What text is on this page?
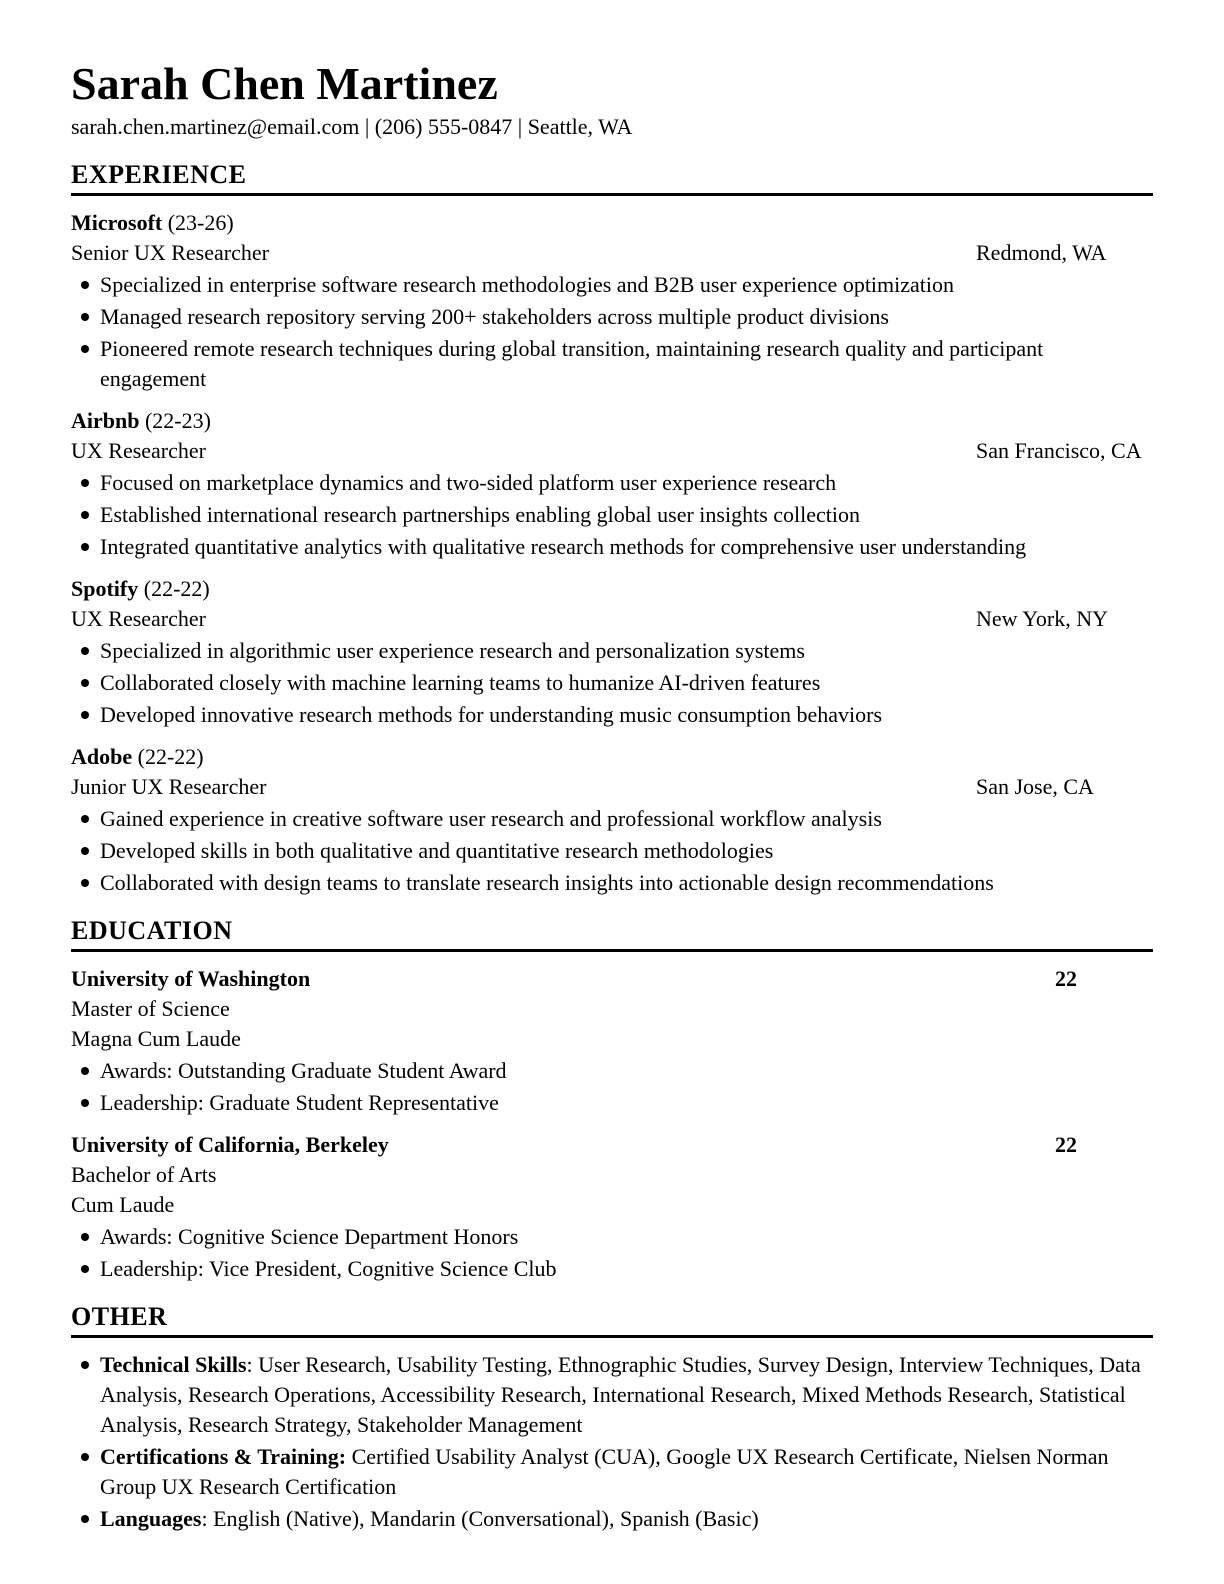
Sarah Chen Martinez
sarah.chen.martinez@email.com | (206) 555-0847 | Seattle, WA
EXPERIENCE
Microsoft (23-26)
Senior UX Researcher	Redmond, WA
Specialized in enterprise software research methodologies and B2B user experience optimization
Managed research repository serving 200+ stakeholders across multiple product divisions
Pioneered remote research techniques during global transition, maintaining research quality and participant engagement
Airbnb (22-23)
UX Researcher	San Francisco, CA
Focused on marketplace dynamics and two-sided platform user experience research
Established international research partnerships enabling global user insights collection
Integrated quantitative analytics with qualitative research methods for comprehensive user understanding
Spotify (22-22)
UX Researcher	New York, NY
Specialized in algorithmic user experience research and personalization systems
Collaborated closely with machine learning teams to humanize AI-driven features
Developed innovative research methods for understanding music consumption behaviors
Adobe (22-22)
Junior UX Researcher	San Jose, CA
Gained experience in creative software user research and professional workflow analysis
Developed skills in both qualitative and quantitative research methodologies
Collaborated with design teams to translate research insights into actionable design recommendations
EDUCATION
University of Washington	22
Master of Science
Magna Cum Laude
Awards: Outstanding Graduate Student Award
Leadership: Graduate Student Representative
University of California, Berkeley	22
Bachelor of Arts
Cum Laude
Awards: Cognitive Science Department Honors
Leadership: Vice President, Cognitive Science Club
OTHER
Technical Skills: User Research, Usability Testing, Ethnographic Studies, Survey Design, Interview Techniques, Data Analysis, Research Operations, Accessibility Research, International Research, Mixed Methods Research, Statistical Analysis, Research Strategy, Stakeholder Management
Certifications & Training: Certified Usability Analyst (CUA), Google UX Research Certificate, Nielsen Norman Group UX Research Certification
Languages: English (Native), Mandarin (Conversational), Spanish (Basic)
